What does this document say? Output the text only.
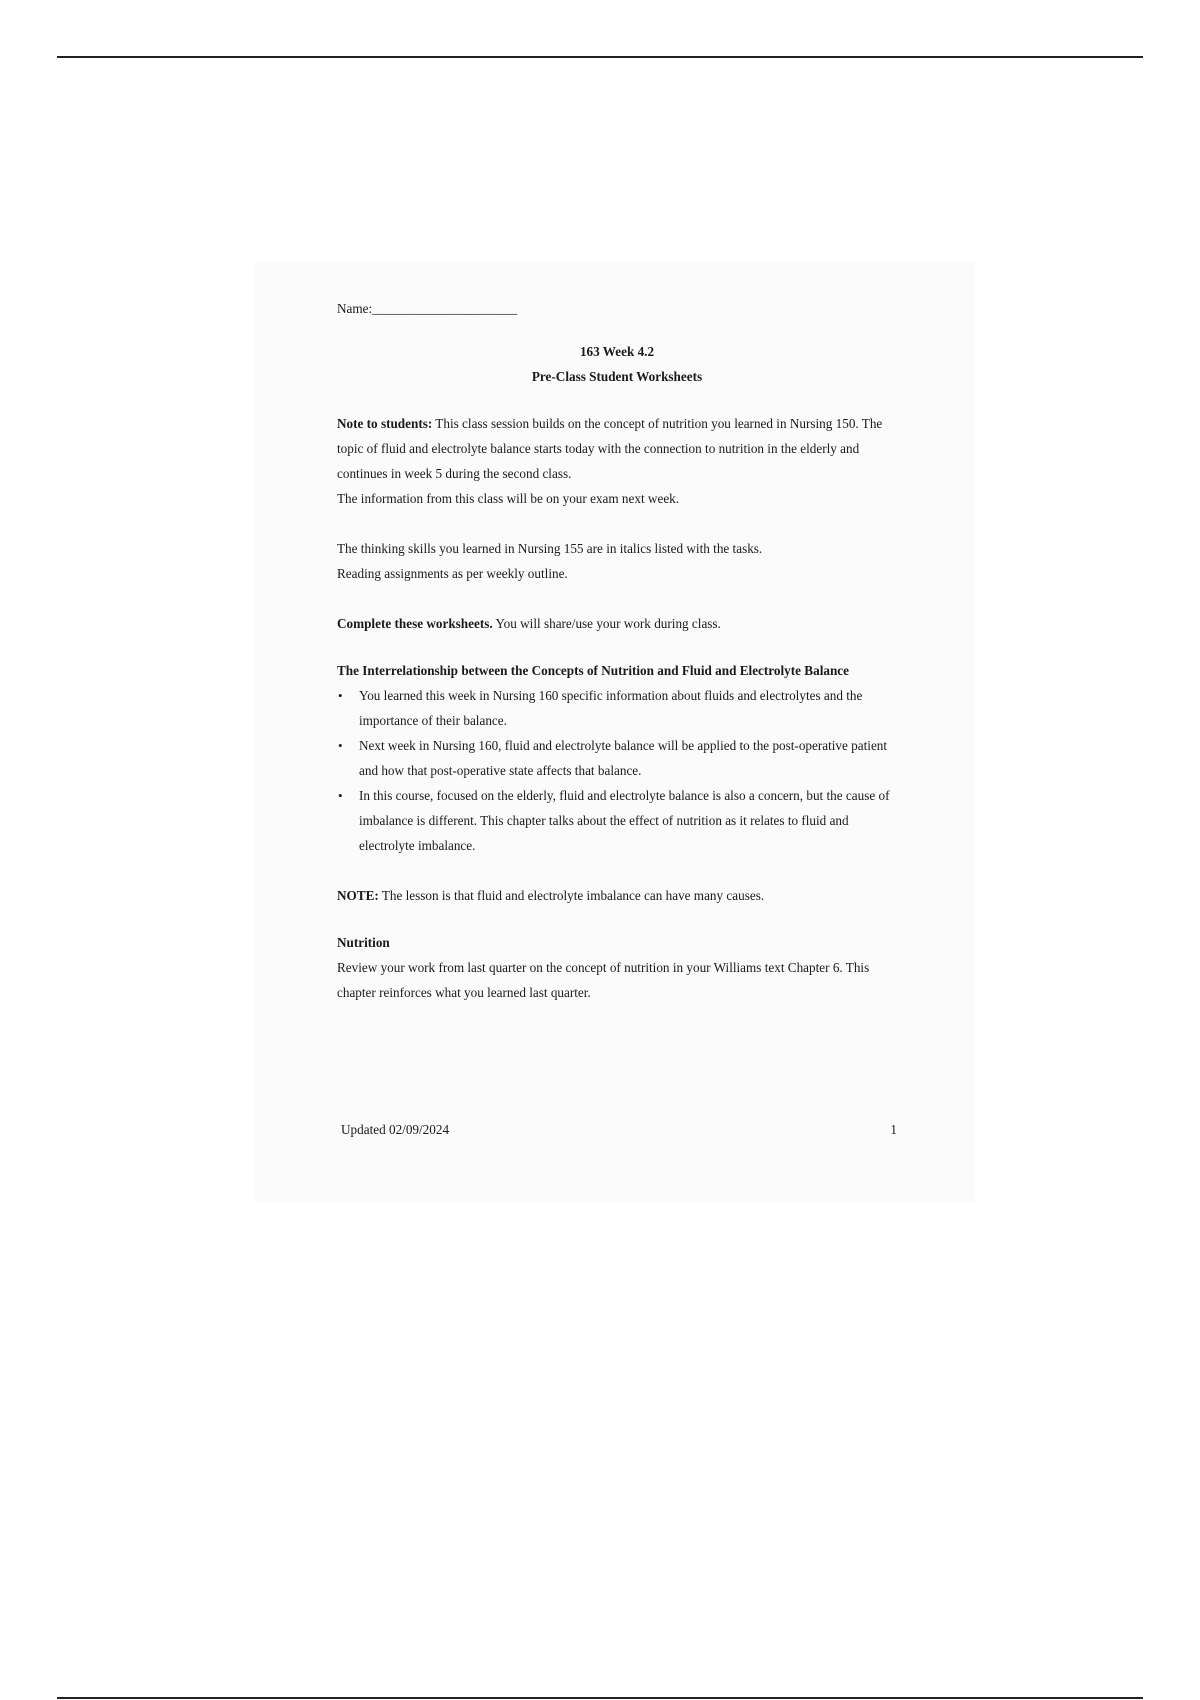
Name:______________________

163 Week 4.2

Pre-Class Student Worksheets

Note to students: This class session builds on the concept of nutrition you learned in Nursing 150. The topic of fluid and electrolyte balance starts today with the connection to nutrition in the elderly and continues in week 5 during the second class.

The information from this class will be on your exam next week.

The thinking skills you learned in Nursing 155 are in italics listed with the tasks.

Reading assignments as per weekly outline.

Complete these worksheets. You will share/use your work during class.

The Interrelationship between the Concepts of Nutrition and Fluid and Electrolyte Balance

• You learned this week in Nursing 160 specific information about fluids and electrolytes and the importance of their balance.
• Next week in Nursing 160, fluid and electrolyte balance will be applied to the post-operative patient and how that post-operative state affects that balance.
• In this course, focused on the elderly, fluid and electrolyte balance is also a concern, but the cause of imbalance is different. This chapter talks about the effect of nutrition as it relates to fluid and electrolyte imbalance.

NOTE: The lesson is that fluid and electrolyte imbalance can have many causes.

Nutrition

Review your work from last quarter on the concept of nutrition in your Williams text Chapter 6. This chapter reinforces what you learned last quarter.

Updated 02/09/2024	1
